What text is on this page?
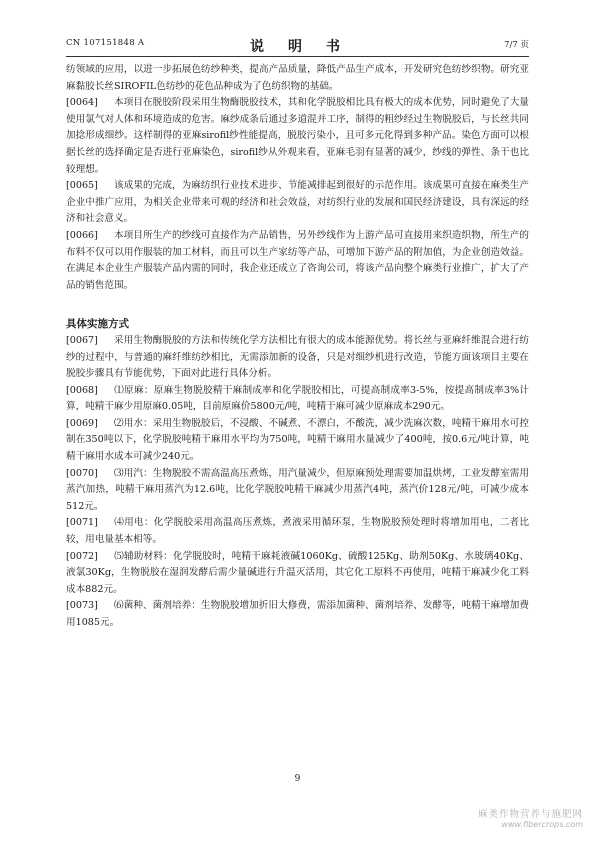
CN 107151848 A	说　明　书	7/7 页

纺领域的应用，以进一步拓展色纺纱种类，提高产品质量，降低产品生产成本，开发研究色纺纱织物。研究亚麻黏胶长丝SIROFIL色纺纱的花色品种成为了色纺织物的基础。

[0064] 本项目在脱胶阶段采用生物酶脱胶技术，其和化学脱胶相比具有极大的成本优势，同时避免了大量使用氯气对人体和环境造成的危害。麻纱成条后通过多道混并工序，制得的粗纱经过生物脱胶后，与长丝共同加捻形成细纱。这样制得的亚麻sirofil纱性能提高，脱胶污染小，且可多元化得到多种产品。染色方面可以根据长丝的选择确定是否进行亚麻染色，sirofil纱从外观来看，亚麻毛羽有显著的减少，纱线的弹性、条干也比较理想。

[0065] 该成果的完成，为麻纺织行业技术进步、节能减排起到很好的示范作用。该成果可直接在麻类生产企业中推广应用，为相关企业带来可观的经济和社会效益，对纺织行业的发展和国民经济建设，具有深远的经济和社会意义。

[0066] 本项目所生产的纱线可直接作为产品销售，另外纱线作为上游产品可直接用来织造织物，所生产的布料不仅可以用作服装的加工材料，而且可以生产家纺等产品，可增加下游产品的附加值，为企业创造效益。在满足本企业生产服装产品内需的同时，我企业还成立了咨询公司，将该产品向整个麻类行业推广，扩大了产品的销售范围。

具体实施方式

[0067] 采用生物酶脱胶的方法和传统化学方法相比有很大的成本能源优势。将长丝与亚麻纤维混合进行纺纱的过程中，与普通的麻纤维纺纱相比，无需添加新的设备，只是对细纱机进行改造，节能方面该项目主要在脱胶步骤具有节能优势，下面对此进行具体分析。

[0068] ⑴原麻：原麻生物脱胶精干麻制成率和化学脱胶相比，可提高制成率3-5%，按提高制成率3%计算，吨精干麻少用原麻0.05吨，目前原麻价5800元/吨，吨精干麻可减少原麻成本290元。

[0069] ⑵用水：采用生物脱胶后，不浸酸、不碱煮、不漂白，不酸洗，减少洗麻次数，吨精干麻用水可控制在350吨以下，化学脱胶吨精干麻用水平均为750吨，吨精干麻用水量减少了400吨，按0.6元/吨计算，吨精干麻用水成本可减少240元。

[0070] ⑶用汽：生物脱胶不需高温高压煮炼，用汽量减少，但原麻预处理需要加温烘烤，工业发酵室需用蒸汽加热，吨精干麻用蒸汽为12.6吨，比化学脱胶吨精干麻减少用蒸汽4吨，蒸汽价128元/吨，可减少成本512元。

[0071] ⑷用电：化学脱胶采用高温高压煮炼，煮液采用循环泵，生物脱胶预处理时将增加用电，二者比较，用电量基本相等。

[0072] ⑸辅助材料：化学脱胶时，吨精干麻耗液碱1060Kg、硫酸125Kg、助剂50Kg、水玻璃40Kg、液氯30Kg，生物脱胶在湿润发酵后需少量碱进行升温灭活用，其它化工原料不再使用，吨精干麻减少化工料成本882元。

[0073] ⑹菌种、菌剂培养：生物脱胶增加折旧大修费，需添加菌种、菌剂培养、发酵等，吨精干麻增加费用1085元。

9
麻类作物营养与施肥网
www.fibercrops.com
